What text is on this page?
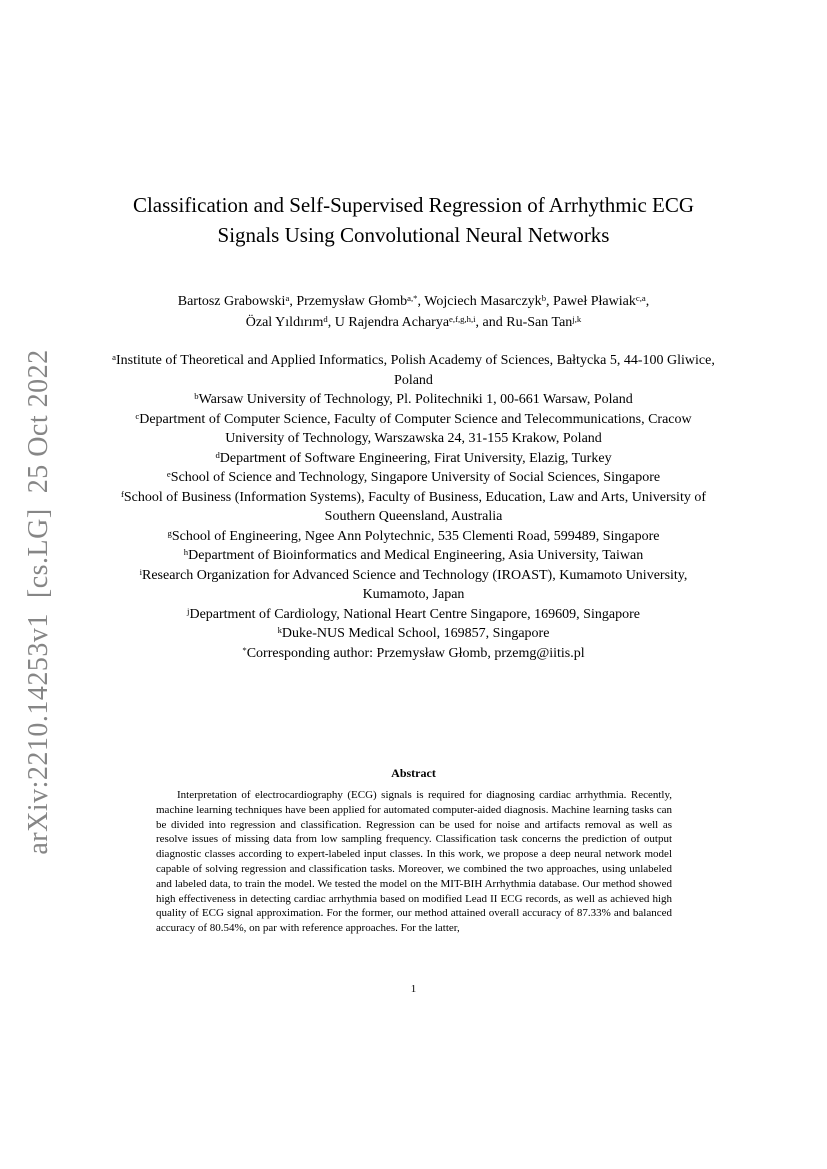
arXiv:2210.14253v1  [cs.LG]  25 Oct 2022
Classification and Self-Supervised Regression of Arrhythmic ECG Signals Using Convolutional Neural Networks
Bartosz Grabowski$^a$, Przemysław Głomb$^{a,*}$, Wojciech Masarczyk$^b$, Paweł Pławiak$^{c,a}$,
Özal Yıldırım$^d$, U Rajendra Acharya$^{e,f,g,h,i}$, and Ru-San Tan$^{j,k}$
$^a$Institute of Theoretical and Applied Informatics, Polish Academy of Sciences, Bałtycka 5, 44-100 Gliwice, Poland
$^b$Warsaw University of Technology, Pl. Politechniki 1, 00-661 Warsaw, Poland
$^c$Department of Computer Science, Faculty of Computer Science and Telecommunications, Cracow University of Technology, Warszawska 24, 31-155 Krakow, Poland
$^d$Department of Software Engineering, Firat University, Elazig, Turkey
$^e$School of Science and Technology, Singapore University of Social Sciences, Singapore
$^f$School of Business (Information Systems), Faculty of Business, Education, Law and Arts, University of Southern Queensland, Australia
$^g$School of Engineering, Ngee Ann Polytechnic, 535 Clementi Road, 599489, Singapore
$^h$Department of Bioinformatics and Medical Engineering, Asia University, Taiwan
$^i$Research Organization for Advanced Science and Technology (IROAST), Kumamoto University, Kumamoto, Japan
$^j$Department of Cardiology, National Heart Centre Singapore, 169609, Singapore
$^k$Duke-NUS Medical School, 169857, Singapore
*Corresponding author: Przemysław Głomb, przemg@iitis.pl
Abstract
Interpretation of electrocardiography (ECG) signals is required for diagnosing cardiac arrhythmia. Recently, machine learning techniques have been applied for automated computer-aided diagnosis. Machine learning tasks can be divided into regression and classification. Regression can be used for noise and artifacts removal as well as resolve issues of missing data from low sampling frequency. Classification task concerns the prediction of output diagnostic classes according to expert-labeled input classes. In this work, we propose a deep neural network model capable of solving regression and classification tasks. Moreover, we combined the two approaches, using unlabeled and labeled data, to train the model. We tested the model on the MIT-BIH Arrhythmia database. Our method showed high effectiveness in detecting cardiac arrhythmia based on modified Lead II ECG records, as well as achieved high quality of ECG signal approximation. For the former, our method attained overall accuracy of 87.33% and balanced accuracy of 80.54%, on par with reference approaches. For the latter,
1
